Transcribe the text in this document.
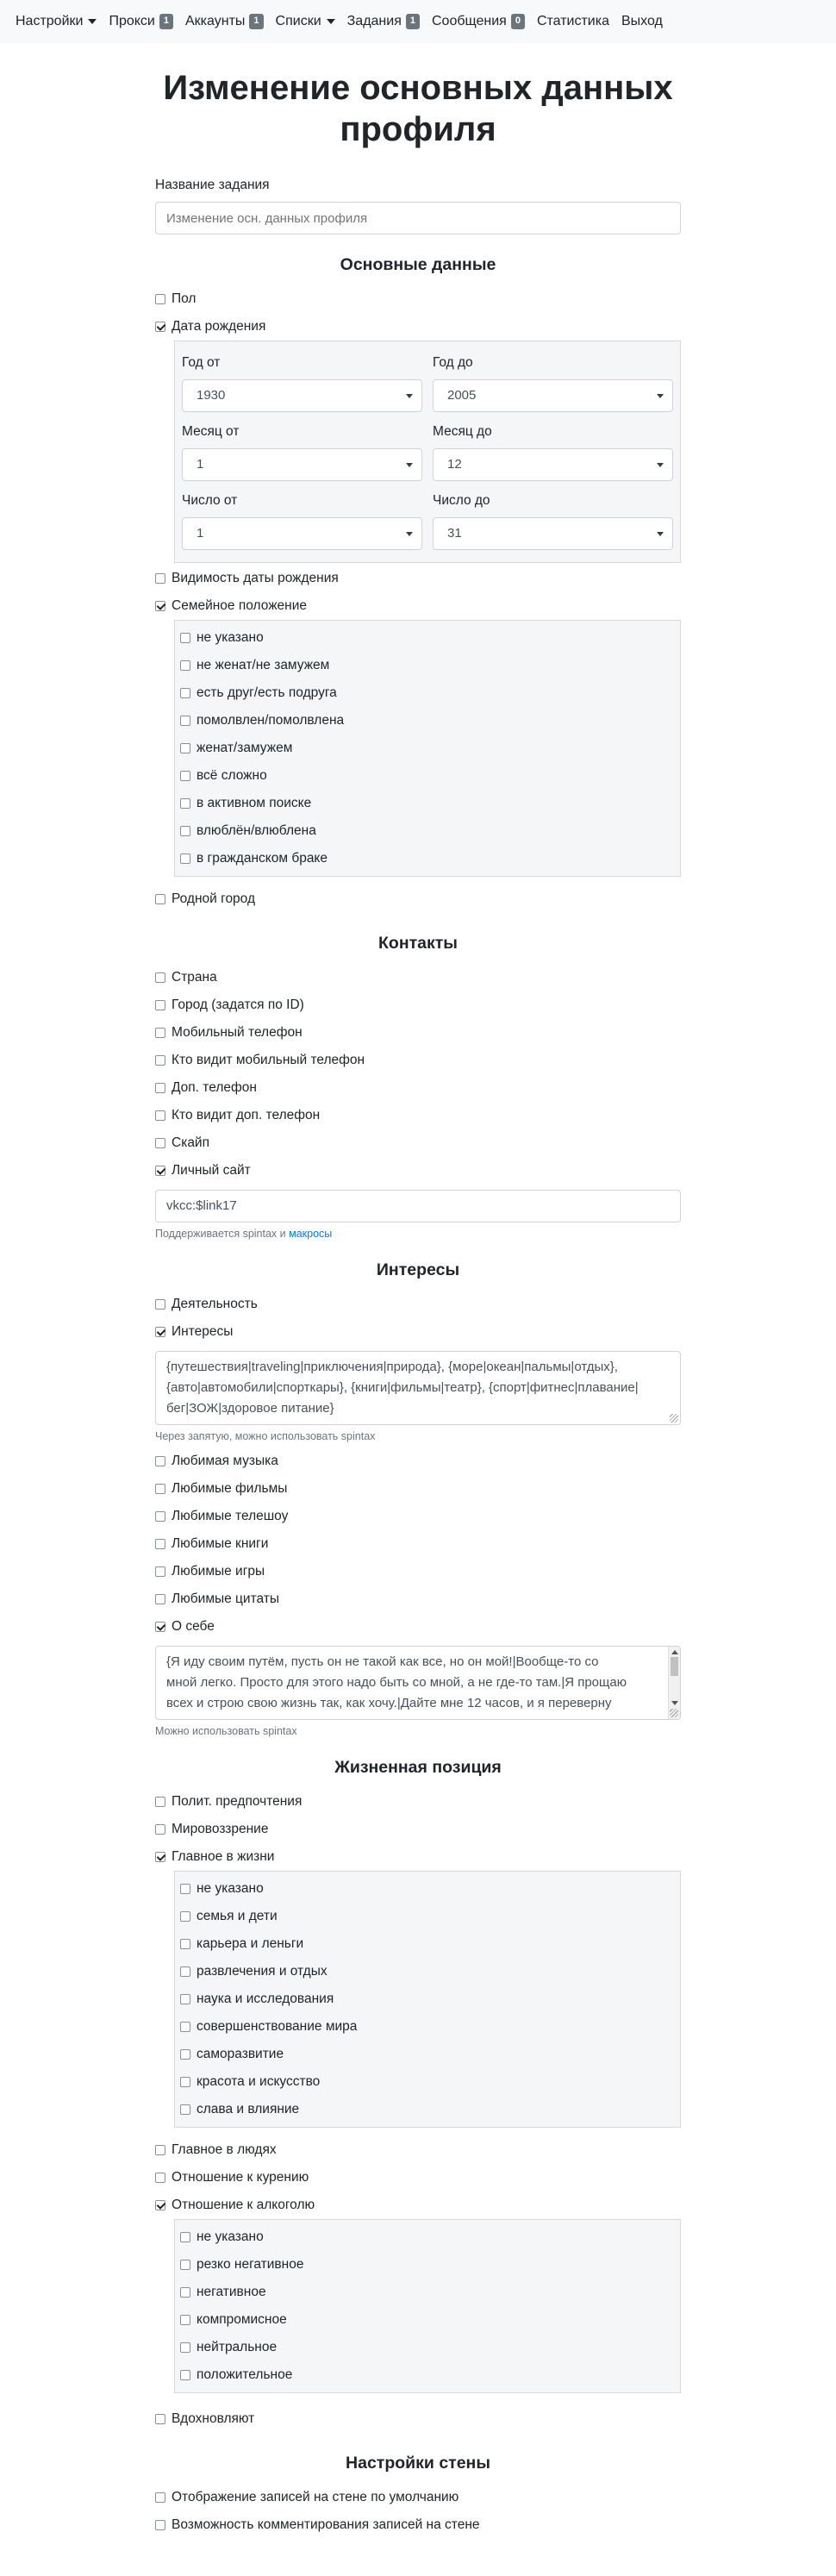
Настройки Прокси 1	Аккаунты 1	Списки Задания 1	Сообщения 0	Статистика Выход
Изменение основных данных профиля
Название задания
Изменение осн. данных профиля
Основные данные
Пол
Дата рождения
Год от
1930
Год до
2005
Месяц от
1
Месяц до
12
Число от
1
Число до
31
Видимость даты рождения
Семейное положение
не указано
не женат/не замужем
есть друг/есть подруга
помолвлен/помолвлена
женат/замужем
всё сложно
в активном поиске
влюблён/влюблена
в гражданском браке
Родной город
Контакты
Страна
Город (задатся по ID)
Мобильный телефон
Кто видит мобильный телефон
Доп. телефон
Кто видит доп. телефон
Скайп
Личный сайт
vkcc:$link17
Поддерживается spintax и макросы
Интересы
Деятельность
Интересы
{путешествия|traveling|приключения|природа}, {море|океан|пальмы|отдых},
{авто|автомобили|спорткары}, {книги|фильмы|театр}, {спорт|фитнес|плавание|
бег|ЗОЖ|здоровое питание}
Через запятую, можно использовать spintax
Любимая музыка
Любимые фильмы
Любимые телешоу
Любимые книги
Любимые игры
Любимые цитаты
О себе
{Я иду своим путём, пусть он не такой как все, но он мой!|Вообще-то со
мной легко. Просто для этого надо быть со мной, а не где-то там.|Я прощаю
всех и строю свою жизнь так, как хочу.|Дайте мне 12 часов, и я переверну
Можно использовать spintax
Жизненная позиция
Полит. предпочтения
Мировоззрение
Главное в жизни
не указано
семья и дети
карьера и леньги
развлечения и отдых
наука и исследования
совершенствование мира
саморазвитие
красота и искусство
слава и влияние
Главное в людях
Отношение к курению
Отношение к алкоголю
не указано
резко негативное
негативное
компромисное
нейтральное
положительное
Вдохновляют
Настройки стены
Отображение записей на стене по умолчанию
Возможность комментирования записей на стене
